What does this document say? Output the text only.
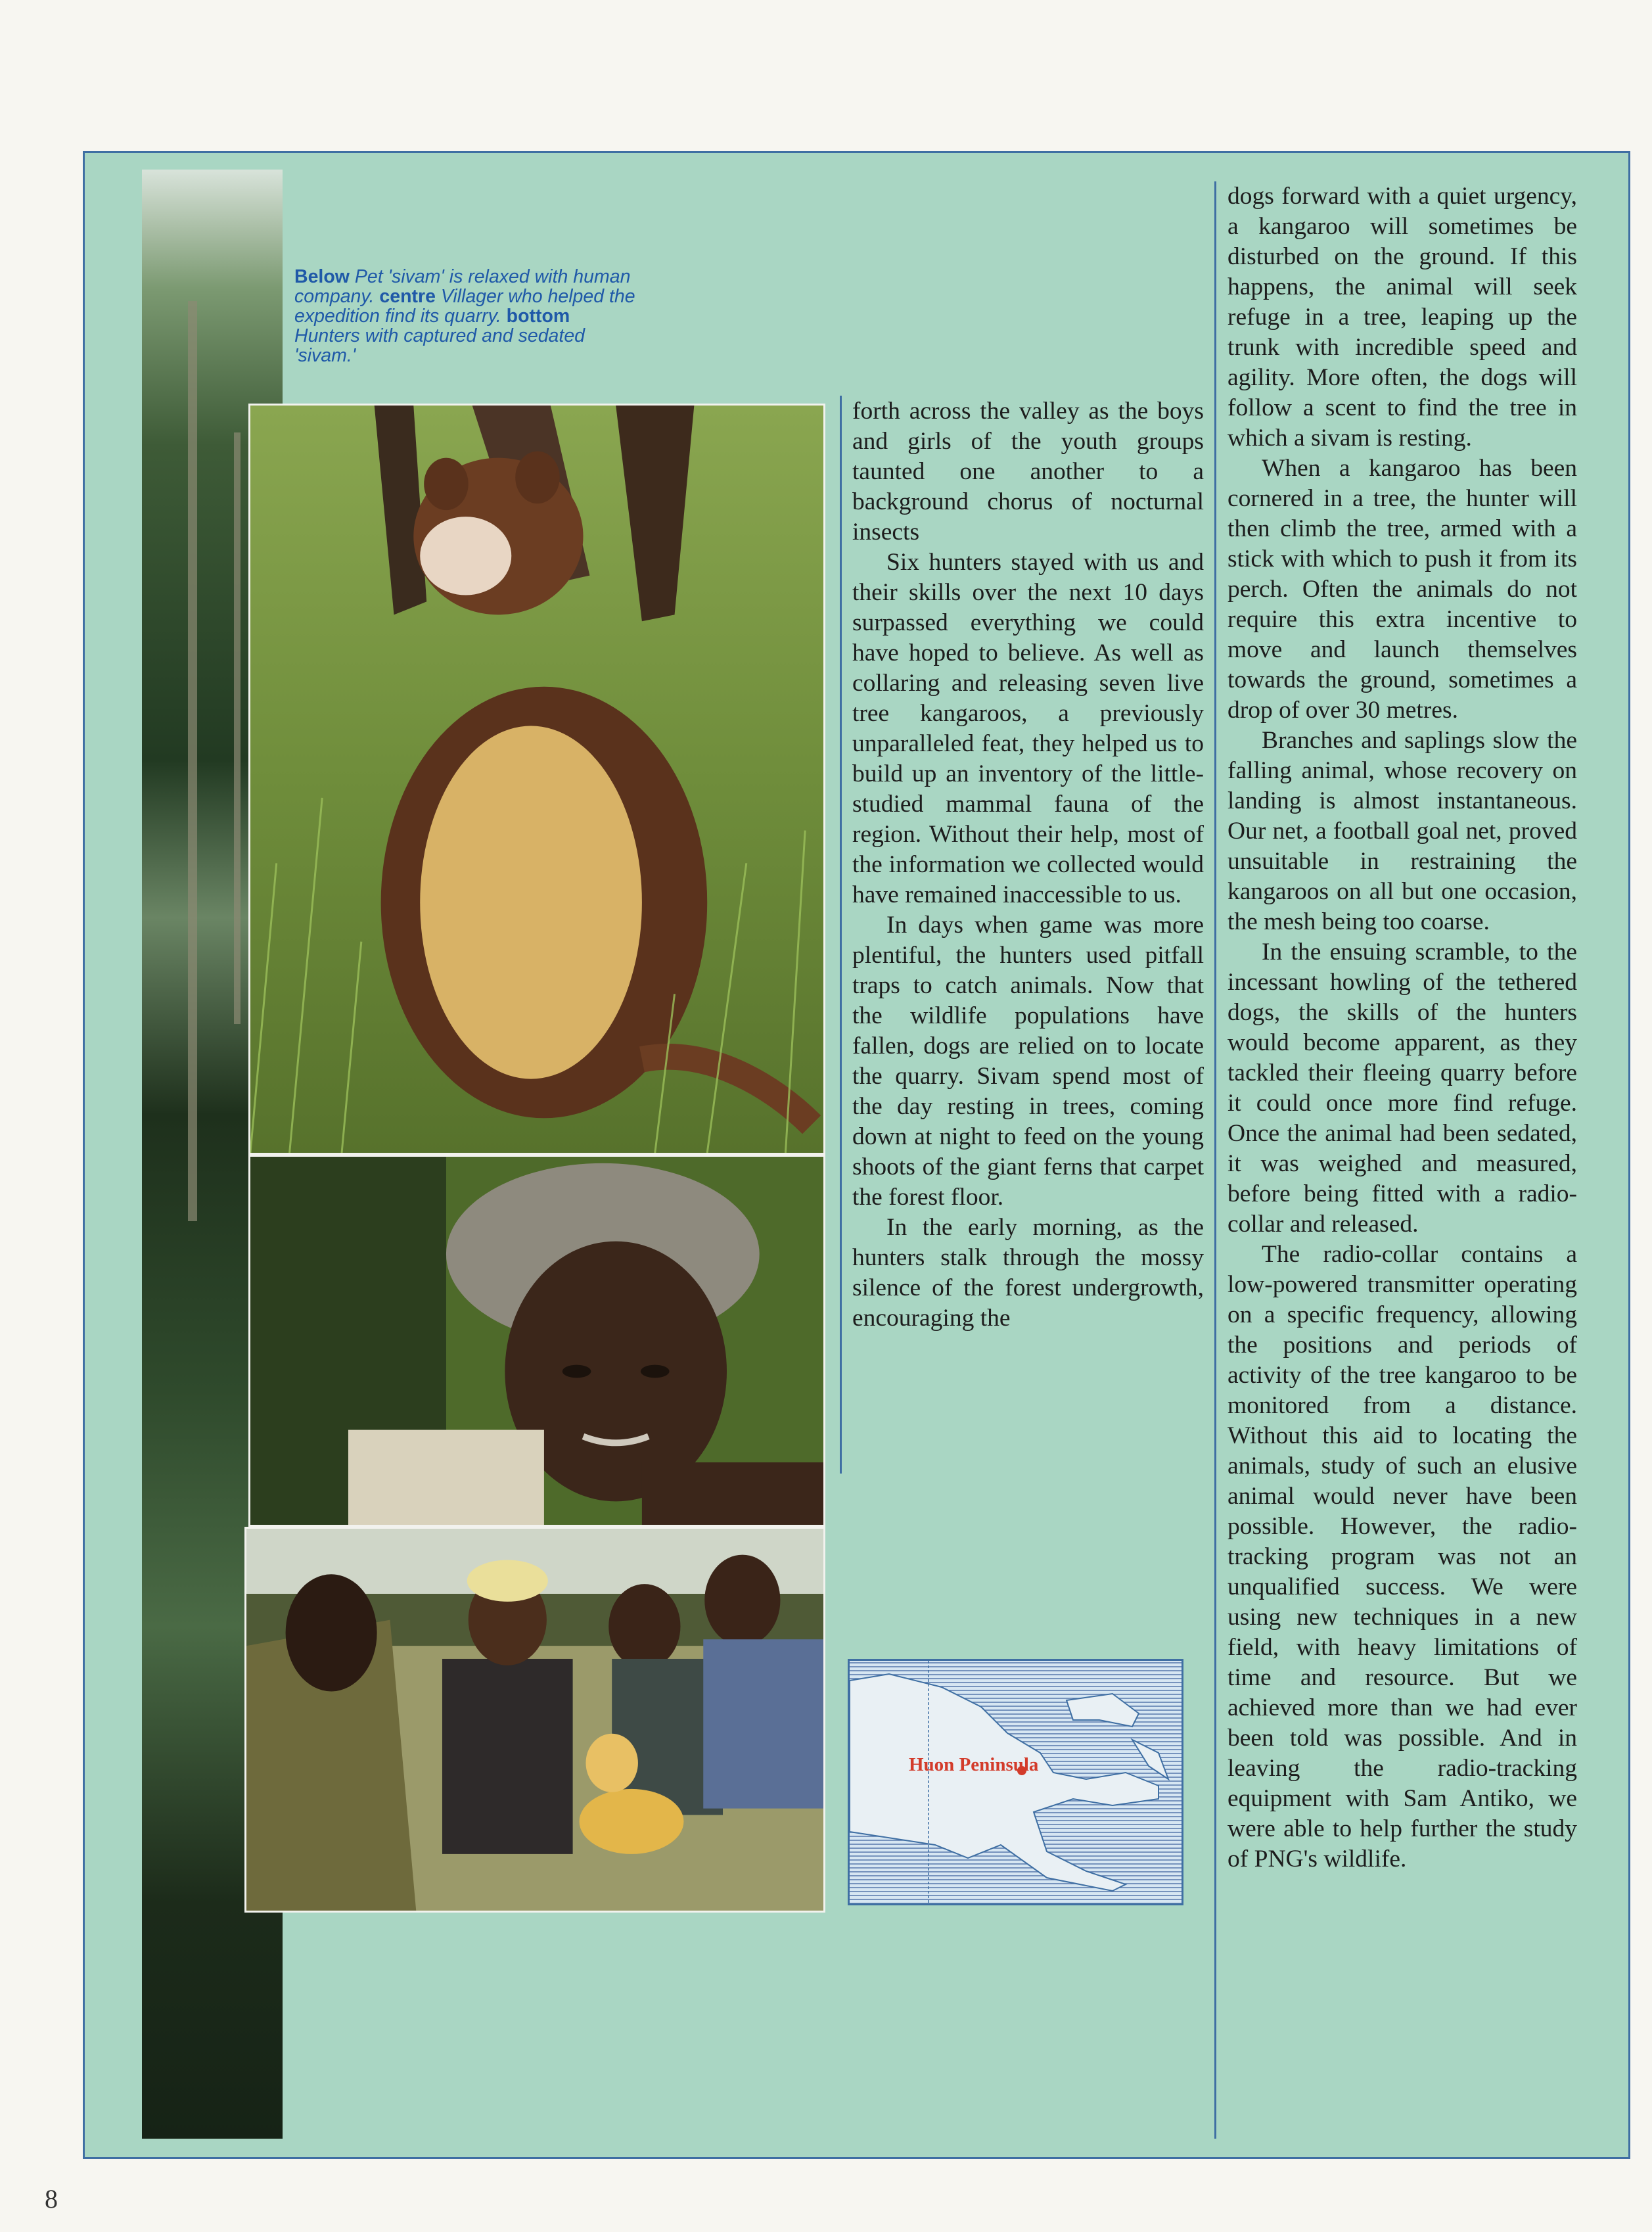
Below Pet 'sivam' is relaxed with human company. centre Villager who helped the expedition find its quarry. bottom Hunters with captured and sedated 'sivam.'

forth across the valley as the boys and girls of the youth groups taunted one another to a background chorus of nocturnal insects

Six hunters stayed with us and their skills over the next 10 days surpassed everything we could have hoped to believe. As well as collaring and releasing seven live tree kangaroos, a previously unparalleled feat, they helped us to build up an inventory of the little-studied mammal fauna of the region. Without their help, most of the information we collected would have remained inaccessible to us.

In days when game was more plentiful, the hunters used pitfall traps to catch animals. Now that the wildlife populations have fallen, dogs are relied on to locate the quarry. Sivam spend most of the day resting in trees, coming down at night to feed on the young shoots of the giant ferns that carpet the forest floor.

In the early morning, as the hunters stalk through the mossy silence of the forest undergrowth, encouraging the

Huon Peninsula

dogs forward with a quiet urgency, a kangaroo will sometimes be disturbed on the ground. If this happens, the animal will seek refuge in a tree, leaping up the trunk with incredible speed and agility. More often, the dogs will follow a scent to find the tree in which a sivam is resting.

When a kangaroo has been cornered in a tree, the hunter will then climb the tree, armed with a stick with which to push it from its perch. Often the animals do not require this extra incentive to move and launch themselves towards the ground, sometimes a drop of over 30 metres.

Branches and saplings slow the falling animal, whose recovery on landing is almost instantaneous. Our net, a football goal net, proved unsuitable in restraining the kangaroos on all but one occasion, the mesh being too coarse.

In the ensuing scramble, to the incessant howling of the tethered dogs, the skills of the hunters would become apparent, as they tackled their fleeing quarry before it could once more find refuge. Once the animal had been sedated, it was weighed and measured, before being fitted with a radio-collar and released.

The radio-collar contains a low-powered transmitter operating on a specific frequency, allowing the positions and periods of activity of the tree kangaroo to be monitored from a distance. Without this aid to locating the animals, study of such an elusive animal would never have been possible. However, the radio-tracking program was not an unqualified success. We were using new techniques in a new field, with heavy limitations of time and resource. But we achieved more than we had ever been told was possible. And in leaving the radio-tracking equipment with Sam Antiko, we were able to help further the study of PNG's wildlife.

8
